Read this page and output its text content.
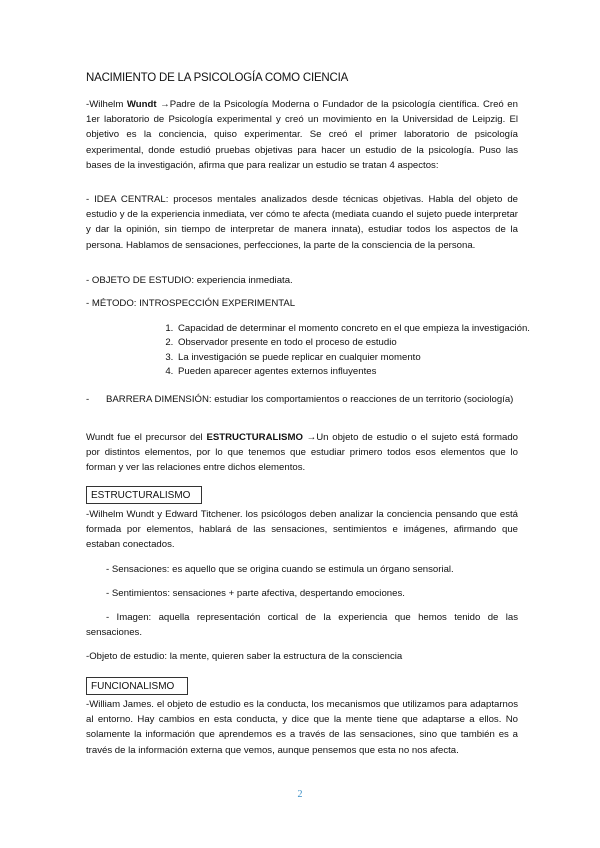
NACIMIENTO DE LA PSICOLOGÍA COMO CIENCIA
-Wilhelm Wundt →Padre de la Psicología Moderna o Fundador de la psicología científica. Creó en 1er laboratorio de Psicología experimental y creó un movimiento en la Universidad de Leipzig. El objetivo es la conciencia, quiso experimentar. Se creó el primer laboratorio de psicología experimental, donde estudió pruebas objetivas para hacer un estudio de la psicología. Puso las bases de la investigación, afirma que para realizar un estudio se tratan 4 aspectos:
- IDEA CENTRAL: procesos mentales analizados desde técnicas objetivas. Habla del objeto de estudio y de la experiencia inmediata, ver cómo te afecta (mediata cuando el sujeto puede interpretar y dar la opinión, sin tiempo de interpretar de manera innata), estudiar todos los aspectos de la persona. Hablamos de sensaciones, perfecciones, la parte de la consciencia de la persona.
- OBJETO DE ESTUDIO: experiencia inmediata.
- MÉTODO: INTROSPECCIÓN EXPERIMENTAL
1. Capacidad de determinar el momento concreto en el que empieza la investigación.
2. Observador presente en todo el proceso de estudio
3. La investigación se puede replicar en cualquier momento
4. Pueden aparecer agentes externos influyentes
- BARRERA DIMENSIÓN: estudiar los comportamientos o reacciones de un territorio (sociología)
Wundt fue el precursor del ESTRUCTURALISMO →Un objeto de estudio o el sujeto está formado por distintos elementos, por lo que tenemos que estudiar primero todos esos elementos que lo forman y ver las relaciones entre dichos elementos.
ESTRUCTURALISMO
-Wilhelm Wundt y Edward Titchener. los psicólogos deben analizar la conciencia pensando que está formada por elementos, hablará de las sensaciones, sentimientos e imágenes, afirmando que estaban conectados.
- Sensaciones: es aquello que se origina cuando se estimula un órgano sensorial.
- Sentimientos: sensaciones + parte afectiva, despertando emociones.
- Imagen: aquella representación cortical de la experiencia que hemos tenido de las sensaciones.
-Objeto de estudio: la mente, quieren saber la estructura de la consciencia
FUNCIONALISMO
-William James. el objeto de estudio es la conducta, los mecanismos que utilizamos para adaptarnos al entorno. Hay cambios en esta conducta, y dice que la mente tiene que adaptarse a ellos. No solamente la información que aprendemos es a través de las sensaciones, sino que también es a través de la información externa que vemos, aunque pensemos que esta no nos afecta.
2
